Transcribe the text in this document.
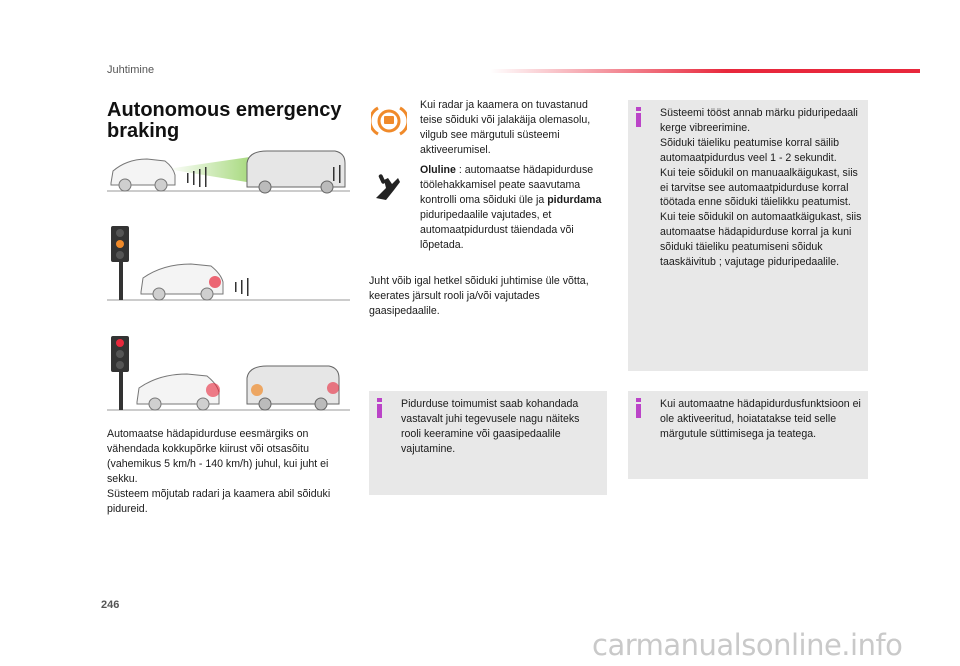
Juhtimine
Autonomous emergency braking
Automaatse hädapidurduse eesmärgiks on vähendada kokkupõrke kiirust või otsasõitu (vahemikus 5 km/h - 140 km/h) juhul, kui juht ei sekku.
Süsteem mõjutab radari ja kaamera abil sõiduki pidureid.
Kui radar ja kaamera on tuvastanud teise sõiduki või jalakäija olemasolu, vilgub see märgutuli süsteemi aktiveerumisel.
Oluline : automaatse hädapidurduse töölehakkamisel peate saavutama kontrolli oma sõiduki üle ja pidurdama piduripedaalile vajutades, et automaatpidurdust täiendada või lõpetada.
Juht võib igal hetkel sõiduki juhtimise üle võtta, keerates järsult rooli ja/või vajutades gaasipedaalile.
Süsteemi tööst annab märku piduripedaali kerge vibreerimine.
Sõiduki täieliku peatumise korral säilib automaatpidurdus veel 1 - 2 sekundit.
Kui teie sõidukil on manuaalkäigukast, siis ei tarvitse see automaatpidurduse korral töötada enne sõiduki täielikku peatumist.
Kui teie sõidukil on automaatkäigukast, siis automaatse hädapidurduse korral ja kuni sõiduki täieliku peatumiseni sõiduk taaskäivitub ; vajutage piduripedaalile.
Pidurduse toimumist saab kohandada vastavalt juhi tegevusele nagu näiteks rooli keeramine või gaasipedaalile vajutamine.
Kui automaatne hädapidurdusfunktsioon ei ole aktiveeritud, hoiatatakse teid selle märgutule süttimisega ja teatega.
246
carmanualsonline.info
